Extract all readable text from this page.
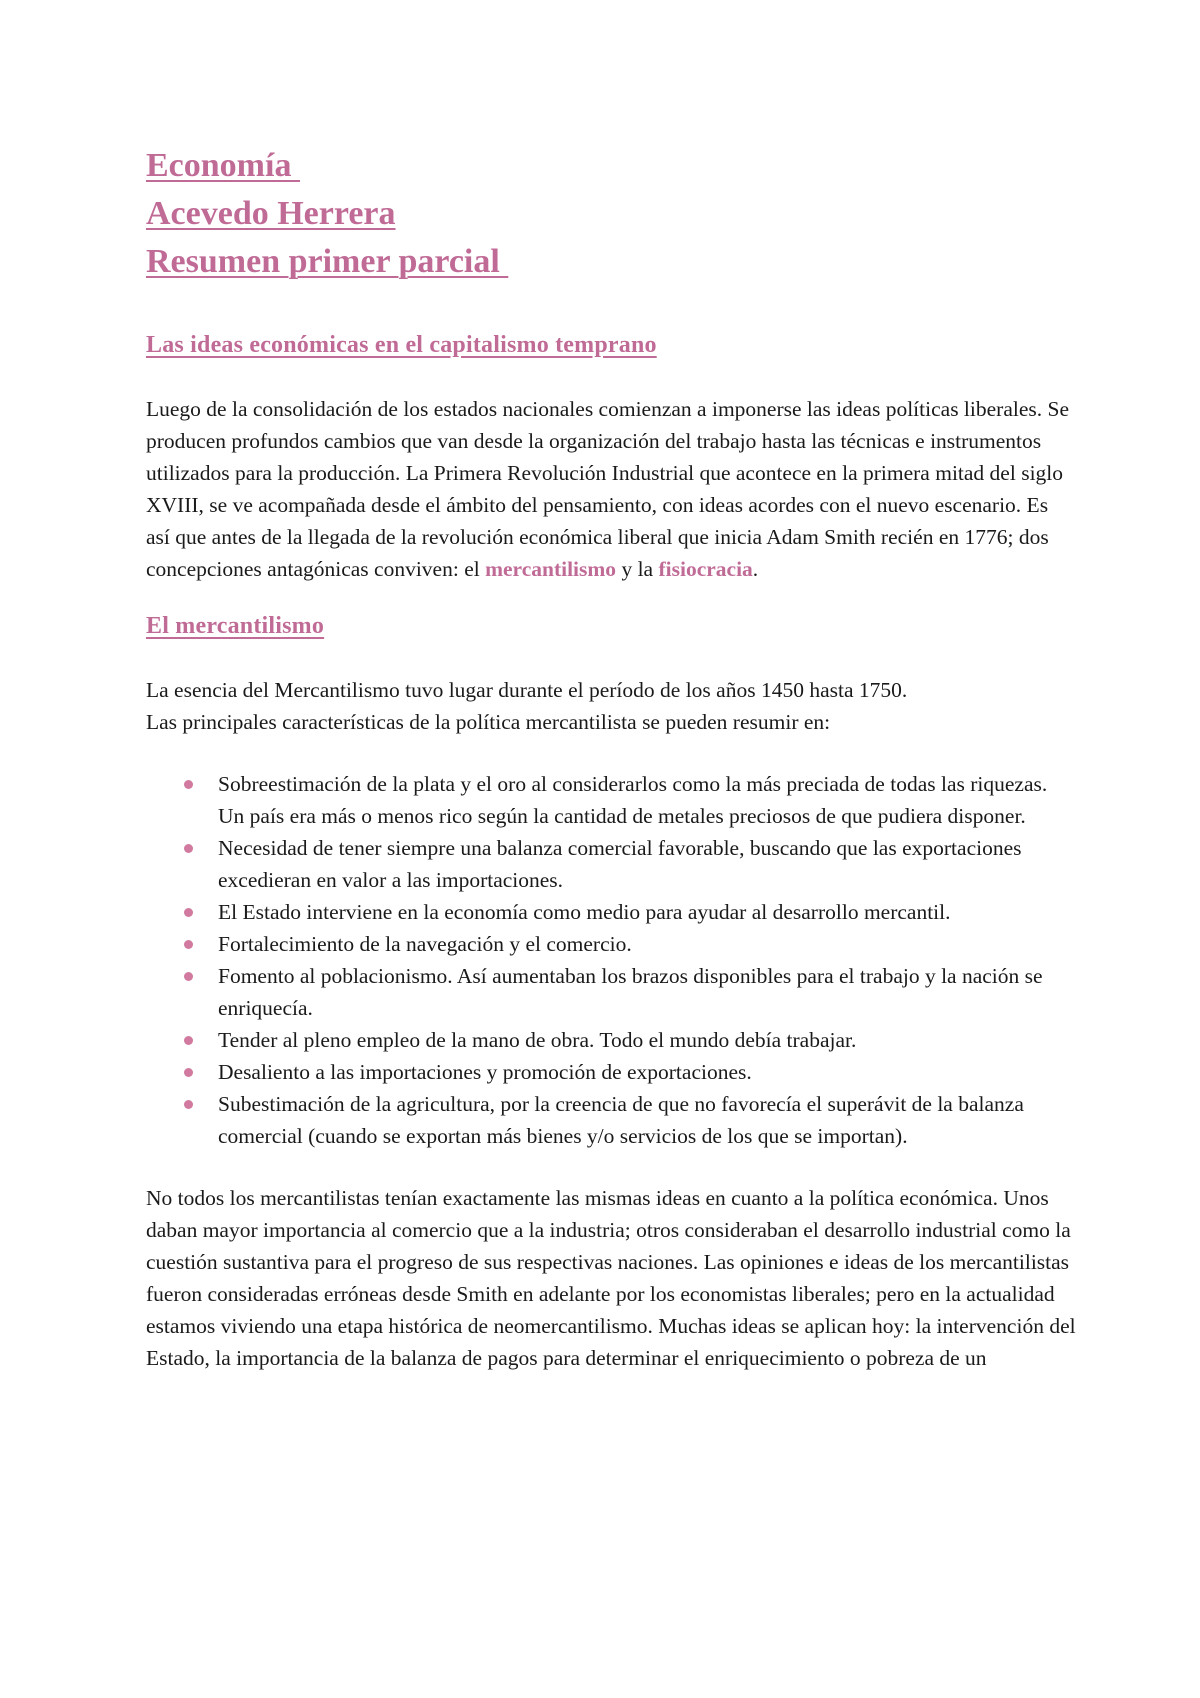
Economía
Acevedo Herrera
Resumen primer parcial
Las ideas económicas en el capitalismo temprano

Luego de la consolidación de los estados nacionales comienzan a imponerse las ideas políticas liberales. Se producen profundos cambios que van desde la organización del trabajo hasta las técnicas e instrumentos utilizados para la producción. La Primera Revolución Industrial que acontece en la primera mitad del siglo XVIII, se ve acompañada desde el ámbito del pensamiento, con ideas acordes con el nuevo escenario. Es así que antes de la llegada de la revolución económica liberal que inicia Adam Smith recién en 1776; dos concepciones antagónicas conviven: el mercantilismo y la fisiocracia.

El mercantilismo

La esencia del Mercantilismo tuvo lugar durante el período de los años 1450 hasta 1750.
Las principales características de la política mercantilista se pueden resumir en:

Sobreestimación de la plata y el oro al considerarlos como la más preciada de todas las riquezas. Un país era más o menos rico según la cantidad de metales preciosos de que pudiera disponer.
Necesidad de tener siempre una balanza comercial favorable, buscando que las exportaciones excedieran en valor a las importaciones.
El Estado interviene en la economía como medio para ayudar al desarrollo mercantil.
Fortalecimiento de la navegación y el comercio.
Fomento al poblacionismo. Así aumentaban los brazos disponibles para el trabajo y la nación se enriquecía.
Tender al pleno empleo de la mano de obra. Todo el mundo debía trabajar.
Desaliento a las importaciones y promoción de exportaciones.
Subestimación de la agricultura, por la creencia de que no favorecía el superávit de la balanza comercial (cuando se exportan más bienes y/o servicios de los que se importan).

No todos los mercantilistas tenían exactamente las mismas ideas en cuanto a la política económica. Unos daban mayor importancia al comercio que a la industria; otros consideraban el desarrollo industrial como la cuestión sustantiva para el progreso de sus respectivas naciones. Las opiniones e ideas de los mercantilistas fueron consideradas erróneas desde Smith en adelante por los economistas liberales; pero en la actualidad estamos viviendo una etapa histórica de neomercantilismo. Muchas ideas se aplican hoy: la intervención del Estado, la importancia de la balanza de pagos para determinar el enriquecimiento o pobreza de un
